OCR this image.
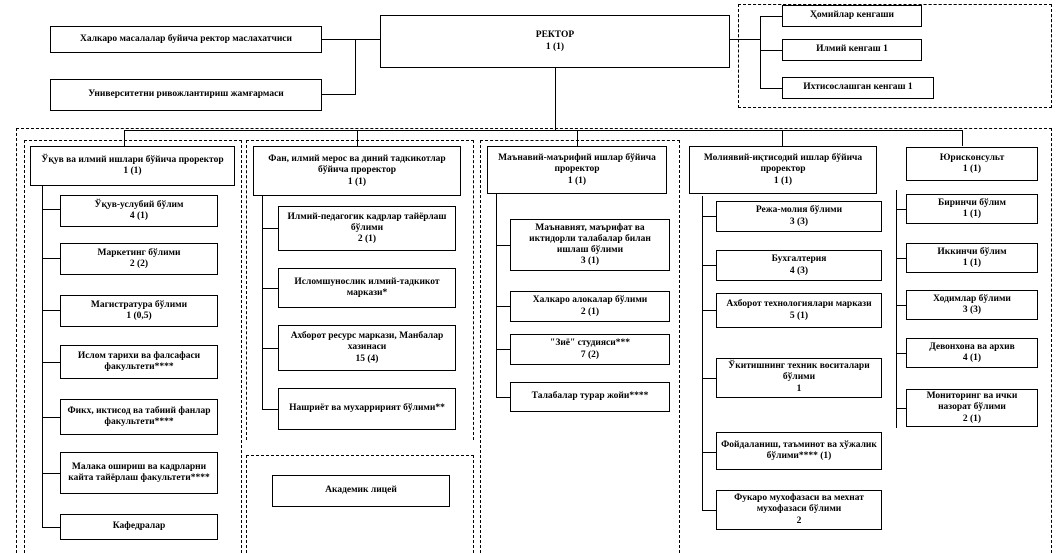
РЕКТОР
1 (1)
Халкаро масалалар буйича ректор маслахатчиси
Университетни ривожлантириш жамғармаси
Ҳомийлар кенгаши
Илмий кенгаш 1
Ихтисослашган кенгаш 1
Ўқув ва илмий ишлари бўйича проректор
1 (1)
Фан, илмий мерос ва диний тадкикотлар бўйича проректор
1 (1)
Маънавий-маърифий ишлар бўйича проректор
1 (1)
Молиявий-иқтисодий ишлар бўйича проректор
1 (1)
Юрисконсульт
1 (1)
Ўқув-услубий бўлим
4 (1)
Маркетинг бўлими
2 (2)
Магистратура бўлими
1 (0,5)
Ислом тарихи ва фалсафаси факультети****
Фикх, иктисод ва табиий фанлар факультети****
Малака ошириш ва кадрларни кайта тайёрлаш факультети****
Кафедралар
Илмий-педагогик кадрлар тайёрлаш бўлими
2 (1)
Исломшунослик илмий-тадкикот маркази*
Ахборот ресурс маркази, Манбалар хазинаси
15 (4)
Нашриёт ва мухарририят бўлими**
Академик лицей
Маънавият, маърифат ва иктидорли талабалар билан ишлаш бўлими
3 (1)
Халкаро алокалар бўлими
2 (1)
"Зиё" студияси***
7 (2)
Талабалар турар жойи****
Режа-молия бўлими
3 (3)
Бухгалтерия
4 (3)
Ахборот технологиялари маркази
5 (1)
Ўкитишнинг техник воситалари бўлими
1
Фойдаланиш, таъминот ва хўжалик бўлими**** (1)
Фукаро мухофазаси ва мехнат мухофазаси бўлими
2
Биринчи бўлим
1 (1)
Иккинчи бўлим
1 (1)
Ходимлар бўлими
3 (3)
Девонхона ва архив
4 (1)
Мониторинг ва ички назорат бўлими
2 (1)
